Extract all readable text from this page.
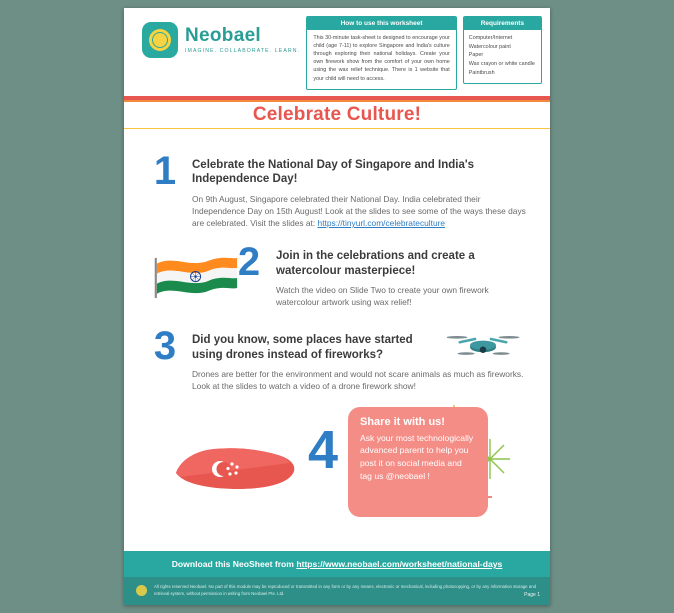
Neobael
IMAGINE. COLLABORATE. LEARN.
How to use this worksheet
This 30-minute task-sheet is designed to encourage your child (age 7-11) to explore Singapore and India's culture through exploring their national holidays. Create your own firework show from the comfort of your own home using the wax relief technique. There is 1 website that your child will need to access.
Requirements
Computer/Internet
Watercolour paint
Paper
Wax crayon or white candle
Paintbrush
Celebrate Culture!
1	Celebrate the National Day of Singapore and India's Independence Day!
On 9th August, Singapore celebrated their National Day. India celebrated their Independence Day on 15th August! Look at the slides to see some of the ways these days are celebrated. Visit the slides at: https://tinyurl.com/celebrateculture
2	Join in the celebrations and create a watercolour masterpiece!
Watch the video on Slide Two to create your own firework watercolour artwork using wax relief!
3	Did you know, some places have started using drones instead of fireworks?
Drones are better for the environment and would not scare animals as much as fireworks. Look at the slides to watch a video of a drone firework show!
4 Share it with us!
Ask your most technologically advanced parent to help you post it on social media and tag us @neobael !
Download this NeoSheet from https://www.neobael.com/worksheet/national-days
All rights reserved Neobael. No part of this module may be reproduced or transmitted in any form or by any means, electronic or mechanical, including photocopying, or by any information storage and retrieval system, without permission in writing from Neobael Pte. Ltd.	Page 1
